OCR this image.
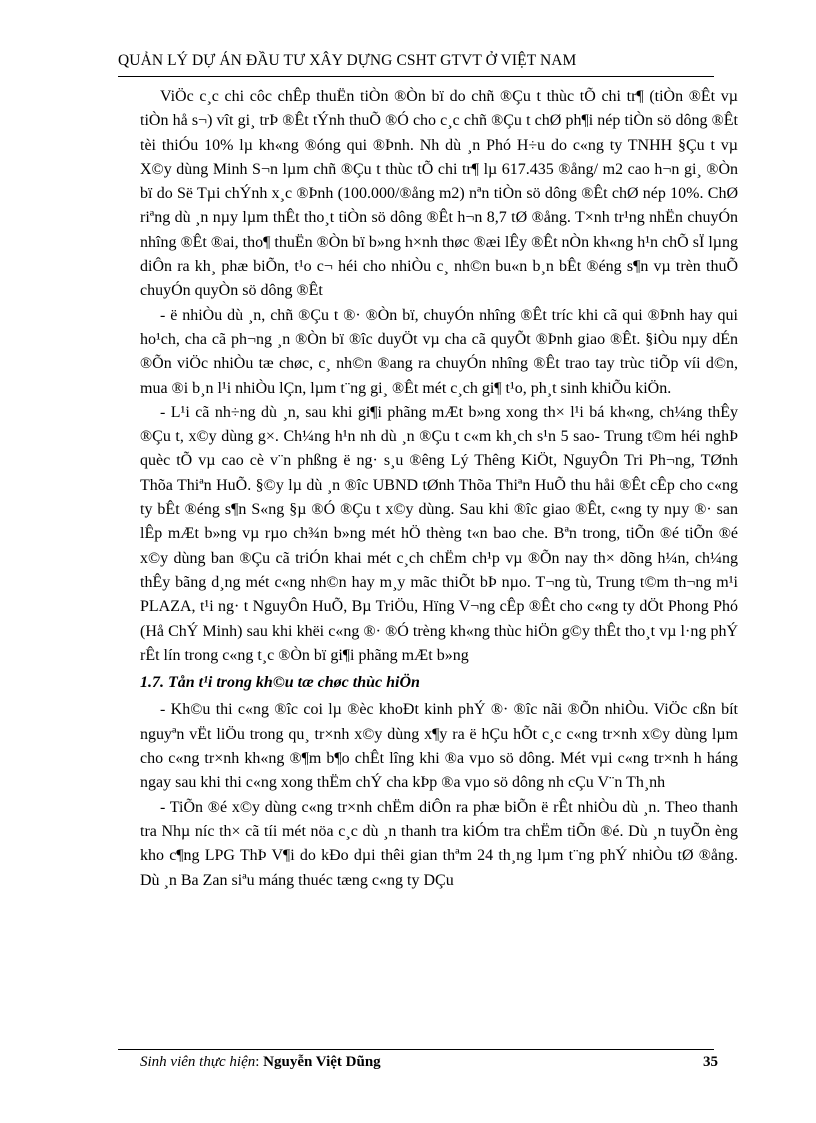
QUẢN LÝ DỰ ÁN ĐẦU TƯ XÂY DỰNG CSHT GTVT Ở VIỆT NAM

ViÖc c¸c chi côc chÊp thuËn tiÒn ®Òn bï do chñ ®Çu t thùc tÕ chi tr¶ (tiÒn ®Êt vµ tiÒn hå s¬) vît gi¸ trÞ ®Êt tÝnh thuÕ ®Ó cho c¸c chñ ®Çu t chØ ph¶i nép tiÒn sö dông ®Êt tèi thiÓu 10% lµ kh«ng ®óng qui ®Þnh. Nh dù ¸n Phó H÷u do c«ng ty TNHH §Çu t vµ X©y dùng Minh S¬n lµm chñ ®Çu t thùc tÕ chi tr¶ lµ 617.435 ®ång/ m2 cao h¬n gi¸ ®Òn bï do Së Tµi chÝnh x¸c ®Þnh (100.000/®ång m2) nªn tiÒn sö dông ®Êt chØ nép 10%. ChØ riªng dù ¸n nµy lµm thÊt tho¸t tiÒn sö dông ®Êt h¬n 8,7 tØ ®ång. T×nh tr¹ng nhËn chuyÓn nhîng ®Êt ®ai, tho¶ thuËn ®Òn bï b»ng h×nh thøc ®æi lÊy ®Êt nÒn kh«ng h¹n chÕ sÏ lµng diÔn ra kh¸ phæ biÕn, t¹o c¬ héi cho nhiÒu c¸ nh©n bu«n b¸n bÊt ®éng s¶n vµ trèn thuÕ chuyÓn quyÒn sö dông ®Êt

- ë nhiÒu dù ¸n, chñ ®Çu t ®· ®Òn bï, chuyÓn nhîng ®Êt tríc khi cã qui ®Þnh hay qui ho¹ch, cha cã ph¬ng ¸n ®Òn bï ®îc duyÖt vµ cha cã quyÕt ®Þnh giao ®Êt. §iÒu nµy dÉn ®Õn viÖc nhiÒu tæ chøc, c¸ nh©n ®ang ra chuyÓn nhîng ®Êt trao tay trùc tiÕp víi d©n, mua ®i b¸n l¹i nhiÒu lÇn, lµm t¨ng gi¸ ®Êt mét c¸ch gi¶ t¹o, ph¸t sinh khiÕu kiÖn.

- L¹i cã nh÷ng dù ¸n, sau khi gi¶i phãng mÆt b»ng xong th× l¹i bá kh«ng, ch¼ng thÊy ®Çu t, x©y dùng g×. Ch¼ng h¹n nh dù ¸n ®Çu t c«m kh¸ch s¹n 5 sao- Trung t©m héi nghÞ quèc tÕ vµ cao cè v¨n phßng ë ng· s¸u ®êng Lý Thêng KiÖt, NguyÔn Tri Ph¬ng, TØnh Thõa Thiªn HuÕ. §©y lµ dù ¸n ®îc UBND tØnh Thõa Thiªn HuÕ thu håi ®Êt cÊp cho c«ng ty bÊt ®éng s¶n S«ng §µ ®Ó ®Çu t x©y dùng. Sau khi ®îc giao ®Êt, c«ng ty nµy ®· san lÊp mÆt b»ng vµ rµo ch¾n b»ng mét hÖ thèng t«n bao che. Bªn trong, tiÕn ®é tiÕn ®é x©y dùng ban ®Çu cã triÓn khai mét c¸ch chËm ch¹p vµ ®Õn nay th× dõng h¼n, ch¼ng thÊy bãng d¸ng mét c«ng nh©n hay m¸y mãc thiÕt bÞ nµo. T¬ng tù, Trung t©m th¬ng m¹i PLAZA, t¹i ng· t NguyÔn HuÕ, Bµ TriÖu, Hïng V¬ng cÊp ®Êt cho c«ng ty dÖt Phong Phó (Hå ChÝ Minh) sau khi khëi c«ng ®· ®Ó trèng kh«ng thùc hiÖn g©y thÊt tho¸t vµ l·ng phÝ rÊt lín trong c«ng t¸c ®Òn bï gi¶i phãng mÆt b»ng

1.7. Tån t¹i trong kh©u tæ chøc thùc hiÖn

- Kh©u thi c«ng ®îc coi lµ ®èc khoÐt kinh phÝ ®· ®îc nãi ®Õn nhiÒu. ViÖc cßn bít nguyªn vËt liÖu trong qu¸ tr×nh x©y dùng x¶y ra ë hÇu hÕt c¸c c«ng tr×nh x©y dùng lµm cho c«ng tr×nh kh«ng ®¶m b¶o chÊt lîng khi ®a vµo sö dông. Mét vµi c«ng tr×nh h háng ngay sau khi thi c«ng xong thËm chÝ cha kÞp ®a vµo sö dông nh cÇu V¨n Th¸nh

- TiÕn ®é x©y dùng c«ng tr×nh chËm diÔn ra phæ biÕn ë rÊt nhiÒu dù ¸n. Theo thanh tra Nhµ níc th× cã tíi mét nöa c¸c dù ¸n thanh tra kiÓm tra chËm tiÕn ®é. Dù ¸n tuyÕn èng kho c¶ng LPG ThÞ V¶i do kÐo dµi thêi gian thªm 24 th¸ng lµm t¨ng phÝ nhiÒu tØ ®ång. Dù ¸n Ba Zan siªu máng thuéc tæng c«ng ty DÇu

Sinh viên thực hiện: Nguyễn Việt Dũng	35
